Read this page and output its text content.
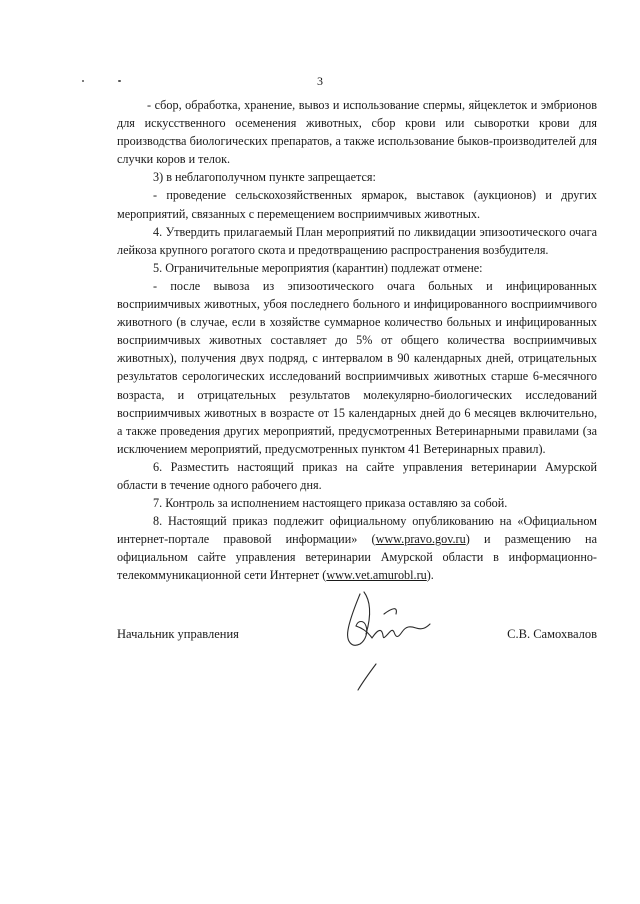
3

- сбор, обработка, хранение, вывоз и использование спермы, яйцеклеток и эмбрионов для искусственного осеменения животных, сбор крови или сыворотки крови для производства биологических препаратов, а также использование быков-производителей для случки коров и телок.

3) в неблагополучном пункте запрещается:

- проведение сельскохозяйственных ярмарок, выставок (аукционов) и других мероприятий, связанных с перемещением восприимчивых животных.

4. Утвердить прилагаемый План мероприятий по ликвидации эпизоотического очага лейкоза крупного рогатого скота и предотвращению распространения возбудителя.

5. Ограничительные мероприятия (карантин) подлежат отмене:

- после вывоза из эпизоотического очага больных и инфицированных восприимчивых животных, убоя последнего больного и инфицированного восприимчивого животного (в случае, если в хозяйстве суммарное количество больных и инфицированных восприимчивых животных составляет до 5% от общего количества восприимчивых животных), получения двух подряд, с интервалом в 90 календарных дней, отрицательных результатов серологических исследований восприимчивых животных старше 6-месячного возраста, и отрицательных результатов молекулярно-биологических исследований восприимчивых животных в возрасте от 15 календарных дней до 6 месяцев включительно, а также проведения других мероприятий, предусмотренных Ветеринарными правилами (за исключением мероприятий, предусмотренных пунктом 41 Ветеринарных правил).

6. Разместить настоящий приказ на сайте управления ветеринарии Амурской области в течение одного рабочего дня.

7. Контроль за исполнением настоящего приказа оставляю за собой.

8. Настоящий приказ подлежит официальному опубликованию на «Официальном интернет-портале правовой информации» (www.pravo.gov.ru) и размещению на официальном сайте управления ветеринарии Амурской области в информационно-телекоммуникационной сети Интернет (www.vet.amurobl.ru).

Начальник управления	С.В. Самохвалов
